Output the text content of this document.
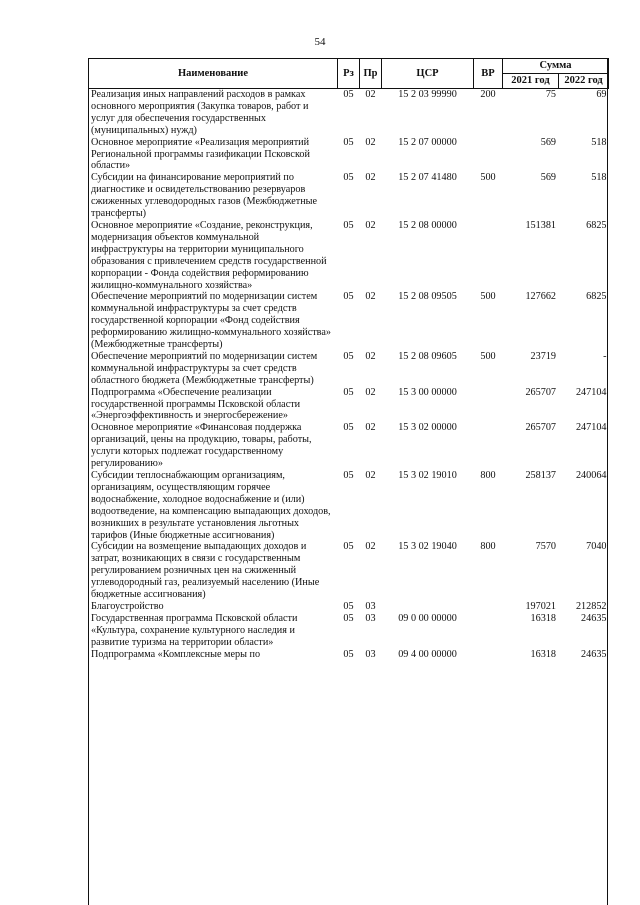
54
Наименование	Рз	Пр	ЦСР	ВР	Сумма	
					2021 год	2022 год
Реализация иных направлений расходов в рамках основного мероприятия (Закупка товаров, работ и услуг для обеспечения государственных (муниципальных) нужд)	05	02	15 2 03 99990	200	75	69
Основное мероприятие «Реализация мероприятий Региональной программы газификации Псковской области»	05	02	15 2 07 00000		569	518
Субсидии на финансирование мероприятий по диагностике и освидетельствованию резервуаров сжиженных углеводородных газов (Межбюджетные трансферты)	05	02	15 2 07 41480	500	569	518
Основное мероприятие «Создание, реконструкция, модернизация объектов коммунальной инфраструктуры на территории муниципального образования с привлечением средств государственной корпорации - Фонда содействия реформированию жилищно-коммунального хозяйства»	05	02	15 2 08 00000		151381	6825
Обеспечение мероприятий по модернизации систем коммунальной инфраструктуры за счет средств государственной корпорации «Фонд содействия реформированию жилищно-коммунального хозяйства» (Межбюджетные трансферты)	05	02	15 2 08 09505	500	127662	6825
Обеспечение мероприятий по модернизации систем коммунальной инфраструктуры за счет средств областного бюджета (Межбюджетные трансферты)	05	02	15 2 08 09605	500	23719	-
Подпрограмма «Обеспечение реализации государственной программы Псковской области «Энергоэффективность и энергосбережение»	05	02	15 3 00 00000		265707	247104
Основное мероприятие «Финансовая поддержка организаций, цены на продукцию, товары, работы, услуги которых подлежат государственному регулированию»	05	02	15 3 02 00000		265707	247104
Субсидии теплоснабжающим организациям, организациям, осуществляющим горячее водоснабжение, холодное водоснабжение и (или) водоотведение, на компенсацию выпадающих доходов, возникших в результате установления льготных тарифов (Иные бюджетные ассигнования)	05	02	15 3 02 19010	800	258137	240064
Субсидии на возмещение выпадающих доходов и затрат, возникающих в связи с государственным регулированием розничных цен на сжиженный углеводородный газ, реализуемый населению (Иные бюджетные ассигнования)	05	02	15 3 02 19040	800	7570	7040
Благоустройство	05	03			197021	212852
Государственная программа Псковской области «Культура, сохранение культурного наследия и развитие туризма на территории области»	05	03	09 0 00 00000		16318	24635
Подпрограмма «Комплексные меры по	05	03	09 4 00 00000		16318	24635
